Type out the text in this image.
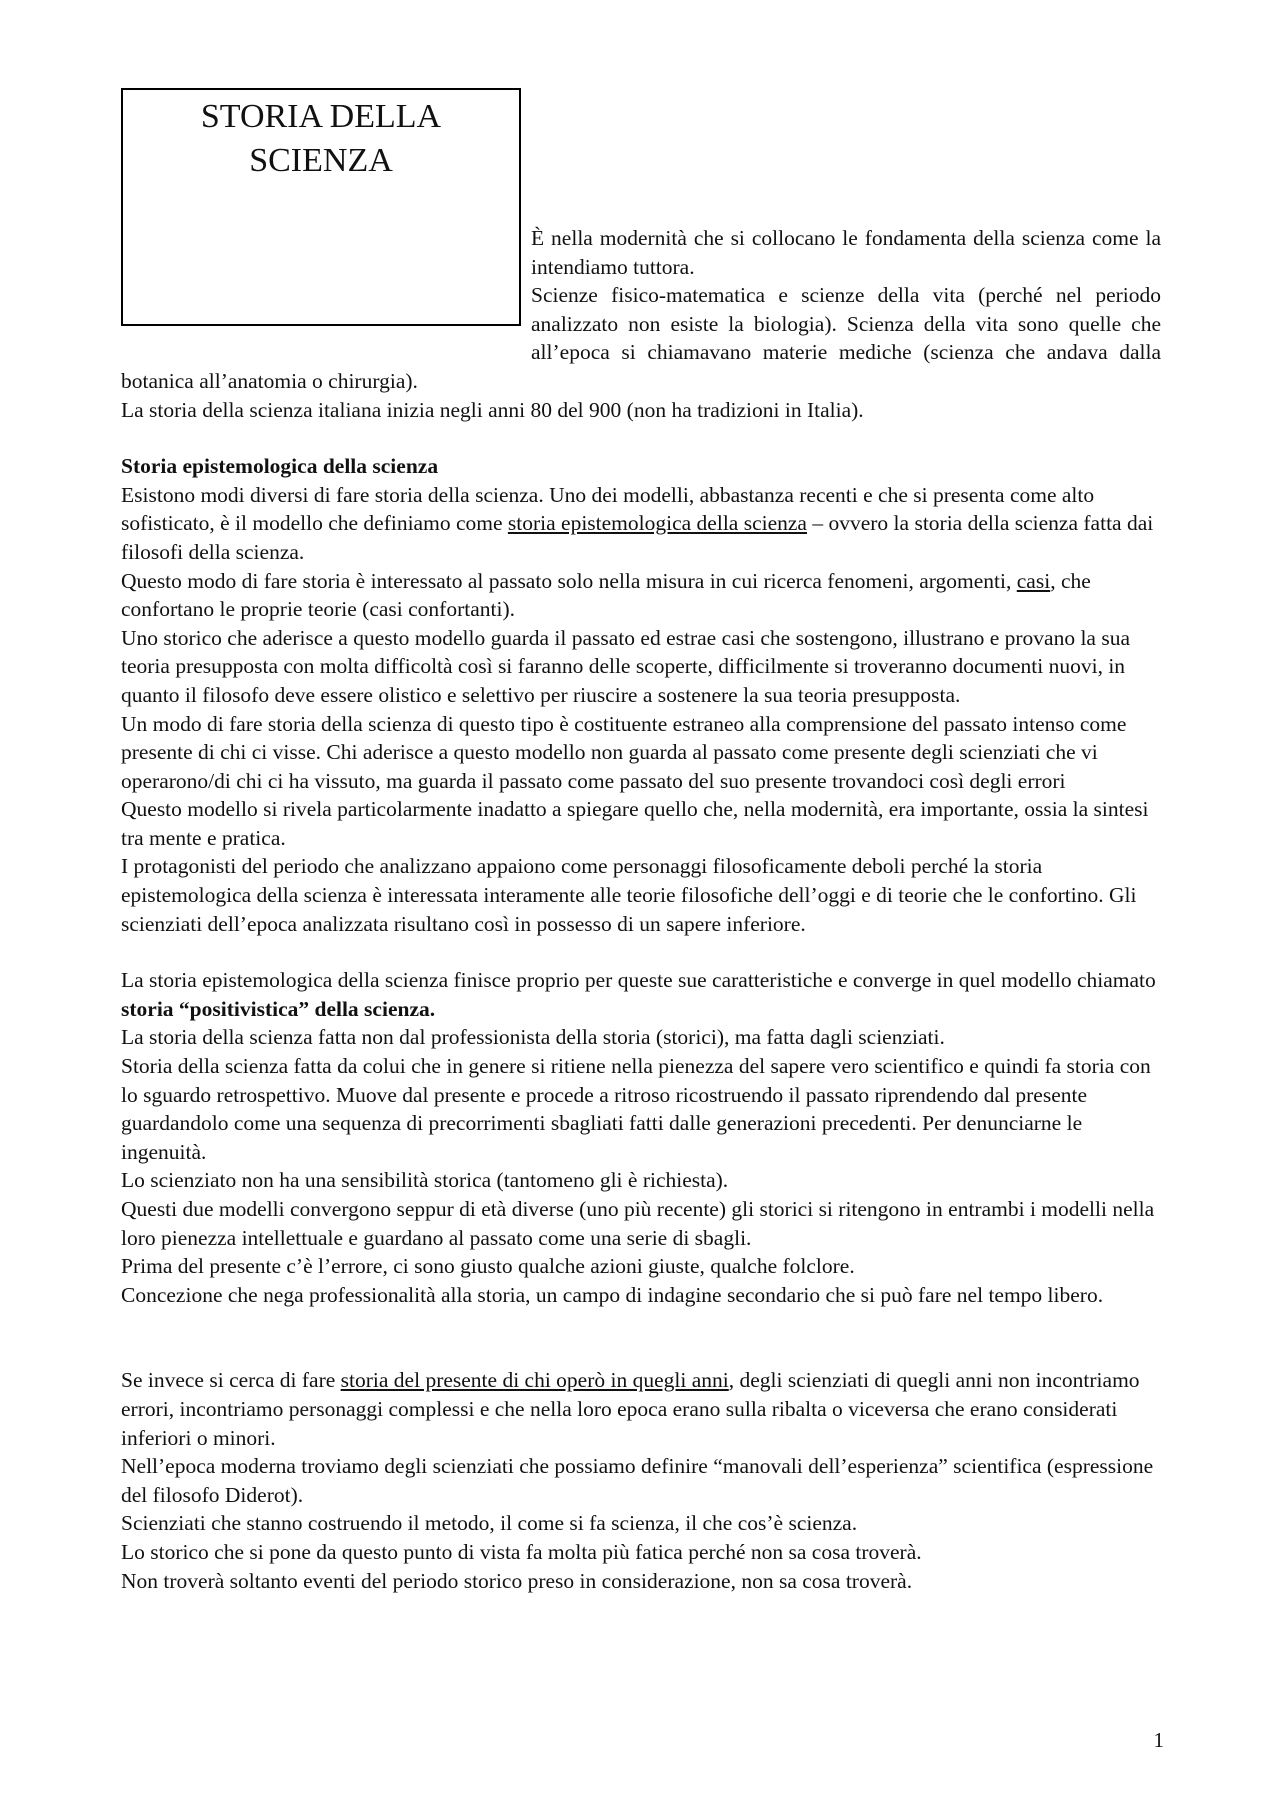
STORIA DELLA
SCIENZA

È nella modernità che si collocano le fondamenta della scienza come la intendiamo tuttora.

Scienze fisico-matematica e scienze della vita (perché nel periodo analizzato non esiste la biologia). Scienza della vita sono quelle che all’epoca si chiamavano materie mediche (scienza che andava dalla botanica all’anatomia o chirurgia).

La storia della scienza italiana inizia negli anni 80 del 900 (non ha tradizioni in Italia).

Storia epistemologica della scienza

Esistono modi diversi di fare storia della scienza. Uno dei modelli, abbastanza recenti e che si presenta come alto sofisticato, è il modello che definiamo come storia epistemologica della scienza – ovvero la storia della scienza fatta dai filosofi della scienza.

Questo modo di fare storia è interessato al passato solo nella misura in cui ricerca fenomeni, argomenti, casi, che confortano le proprie teorie (casi confortanti).

Uno storico che aderisce a questo modello guarda il passato ed estrae casi che sostengono, illustrano e provano la sua teoria presupposta con molta difficoltà così si faranno delle scoperte, difficilmente si troveranno documenti nuovi, in quanto il filosofo deve essere olistico e selettivo per riuscire a sostenere la sua teoria presupposta.

Un modo di fare storia della scienza di questo tipo è costituente estraneo alla comprensione del passato intenso come presente di chi ci visse. Chi aderisce a questo modello non guarda al passato come presente degli scienziati che vi operarono/di chi ci ha vissuto, ma guarda il passato come passato del suo presente trovandoci così degli errori

Questo modello si rivela particolarmente inadatto a spiegare quello che, nella modernità, era importante, ossia la sintesi tra mente e pratica.

I protagonisti del periodo che analizzano appaiono come personaggi filosoficamente deboli perché la storia epistemologica della scienza è interessata interamente alle teorie filosofiche dell’oggi e di teorie che le confortino. Gli scienziati dell’epoca analizzata risultano così in possesso di un sapere inferiore.

La storia epistemologica della scienza finisce proprio per queste sue caratteristiche e converge in quel modello chiamato storia “positivistica” della scienza.

La storia della scienza fatta non dal professionista della storia (storici), ma fatta dagli scienziati.

Storia della scienza fatta da colui che in genere si ritiene nella pienezza del sapere vero scientifico e quindi fa storia con lo sguardo retrospettivo. Muove dal presente e procede a ritroso ricostruendo il passato riprendendo dal presente guardandolo come una sequenza di precorrimenti sbagliati fatti dalle generazioni precedenti. Per denunciarne le ingenuità.

Lo scienziato non ha una sensibilità storica (tantomeno gli è richiesta).

Questi due modelli convergono seppur di età diverse (uno più recente) gli storici si ritengono in entrambi i modelli nella loro pienezza intellettuale e guardano al passato come una serie di sbagli.

Prima del presente c’è l’errore, ci sono giusto qualche azioni giuste, qualche folclore.

Concezione che nega professionalità alla storia, un campo di indagine secondario che si può fare nel tempo libero.

Se invece si cerca di fare storia del presente di chi operò in quegli anni, degli scienziati di quegli anni non incontriamo errori, incontriamo personaggi complessi e che nella loro epoca erano sulla ribalta o viceversa che erano considerati inferiori o minori.

Nell’epoca moderna troviamo degli scienziati che possiamo definire “manovali dell’esperienza” scientifica (espressione del filosofo Diderot).

Scienziati che stanno costruendo il metodo, il come si fa scienza, il che cos’è scienza.

Lo storico che si pone da questo punto di vista fa molta più fatica perché non sa cosa troverà.

Non troverà soltanto eventi del periodo storico preso in considerazione, non sa cosa troverà.

1
